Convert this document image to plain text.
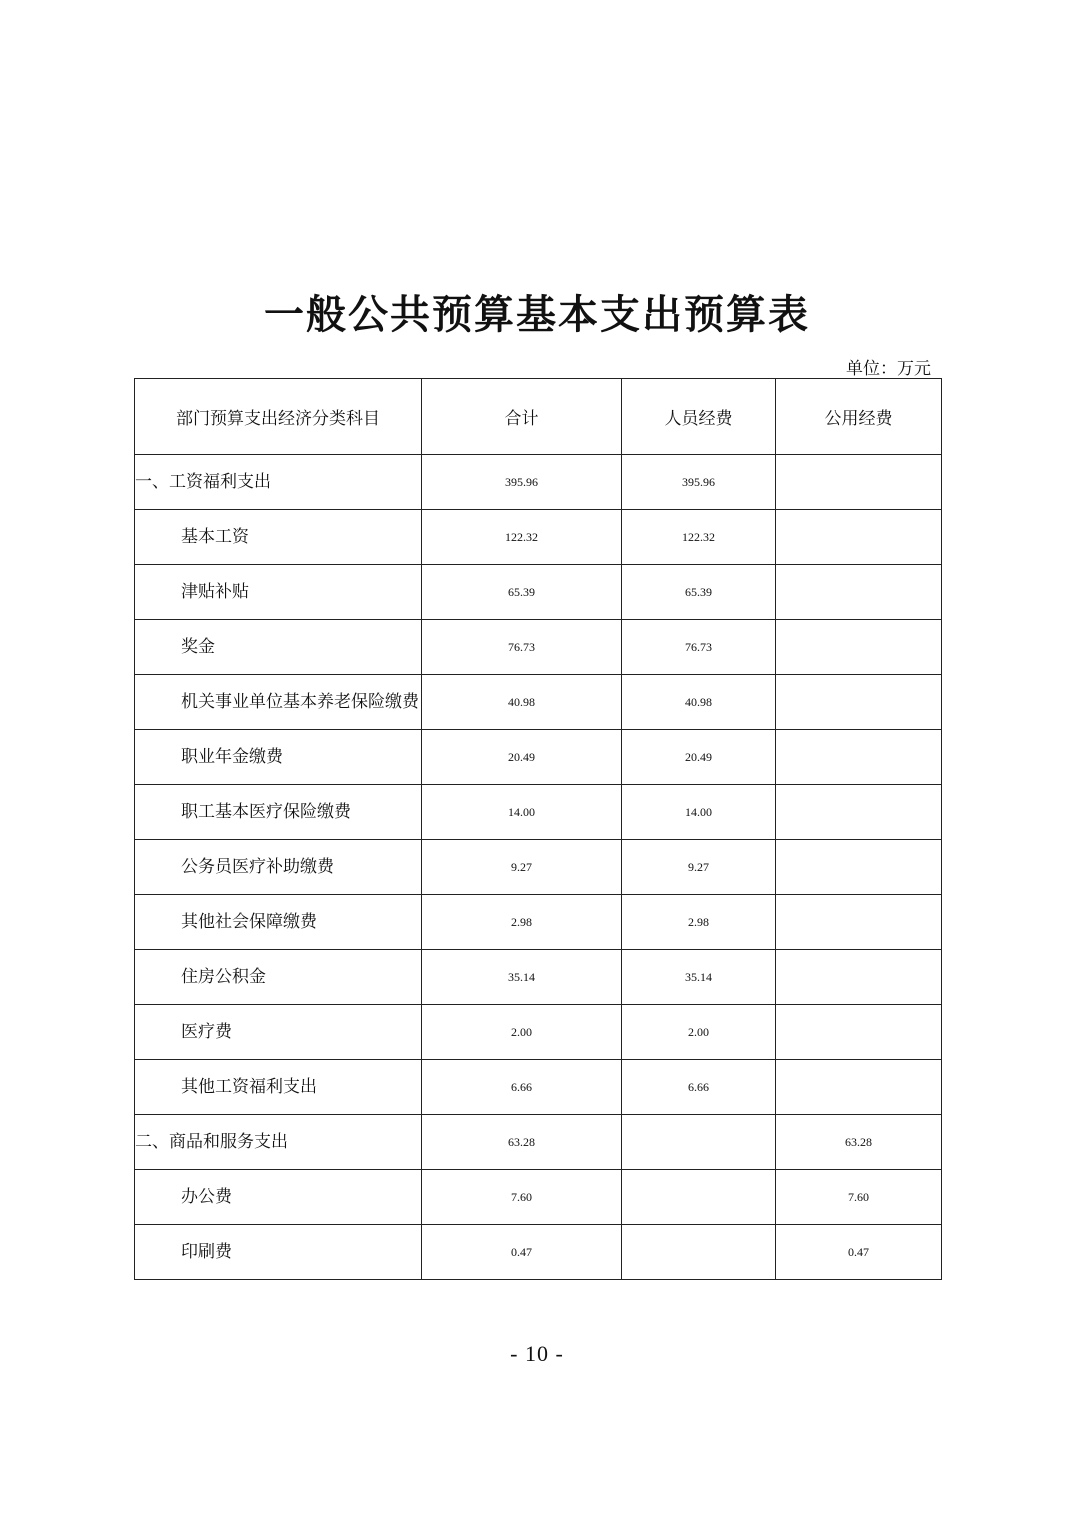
一般公共预算基本支出预算表
单位：万元
部门预算支出经济分类科目	合计	人员经费	公用经费
一、工资福利支出	395.96	395.96	
基本工资	122.32	122.32	
津贴补贴	65.39	65.39	
奖金	76.73	76.73	
机关事业单位基本养老保险缴费	40.98	40.98	
职业年金缴费	20.49	20.49	
职工基本医疗保险缴费	14.00	14.00	
公务员医疗补助缴费	9.27	9.27	
其他社会保障缴费	2.98	2.98	
住房公积金	35.14	35.14	
医疗费	2.00	2.00	
其他工资福利支出	6.66	6.66	
二、商品和服务支出	63.28		63.28
办公费	7.60		7.60
印刷费	0.47		0.47
- 10 -
